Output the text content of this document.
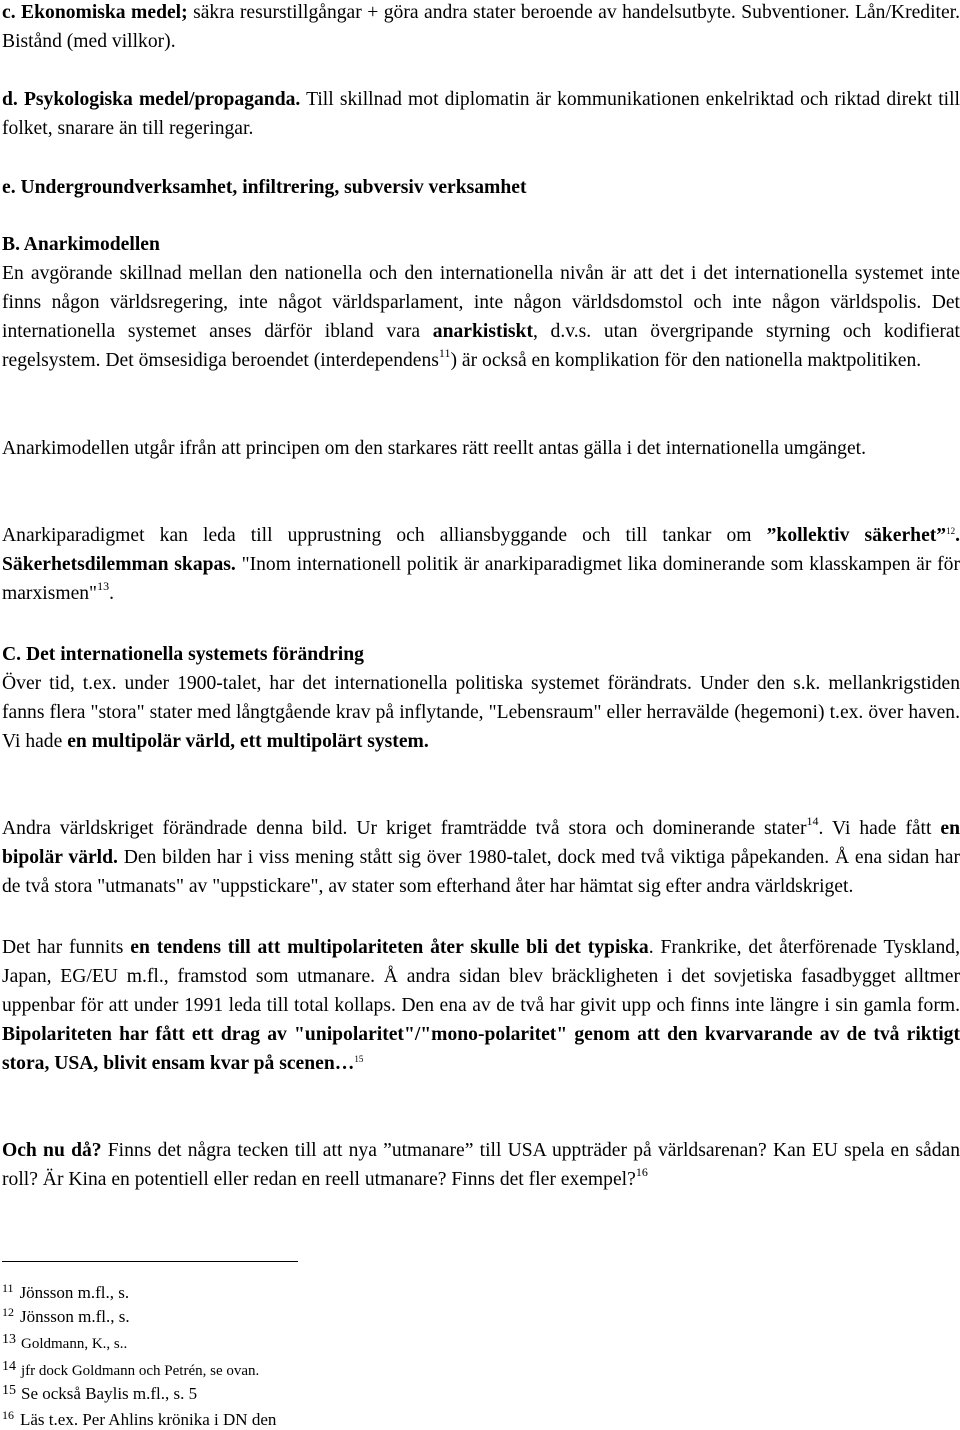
c. Ekonomiska medel; säkra resurstillgångar + göra andra stater beroende av handelsutbyte. Subventioner. Lån/Krediter. Bistånd (med villkor).

d. Psykologiska medel/propaganda. Till skillnad mot diplomatin är kommunikationen enkelriktad och riktad direkt till folket, snarare än till regeringar.

e. Undergroundverksamhet, infiltrering, subversiv verksamhet

B. Anarkimodellen

En avgörande skillnad mellan den nationella och den internationella nivån är att det i det internationella systemet inte finns någon världsregering, inte något världsparlament, inte någon världsdomstol och inte någon världspolis. Det internationella systemet anses därför ibland vara anarkistiskt, d.v.s. utan övergripande styrning och kodifierat regelsystem. Det ömsesidiga beroendet (interdependens$^{11}$) är också en komplikation för den nationella maktpolitiken.

Anarkimodellen utgår ifrån att principen om den starkares rätt reellt antas gälla i det internationella umgänget.

Anarkiparadigmet kan leda till upprustning och alliansbyggande och till tankar om ”kollektiv säkerhet”$^{12}$. Säkerhetsdilemman skapas. "Inom internationell politik är anarkiparadigmet lika dominerande som klasskampen är för marxismen"$^{13}$.

C. Det internationella systemets förändring

Över tid, t.ex. under 1900-talet, har det internationella politiska systemet förändrats. Under den s.k. mellankrigstiden fanns flera "stora" stater med långtgående krav på inflytande, "Lebensraum" eller herravälde (hegemoni) t.ex. över haven. Vi hade en multipolär värld, ett multipolärt system.

Andra världskriget förändrade denna bild. Ur kriget framträdde två stora och dominerande stater$^{14}$. Vi hade fått en bipolär värld. Den bilden har i viss mening stått sig över 1980-talet, dock med två viktiga påpekanden. Å ena sidan har de två stora "utmanats" av "uppstickare", av stater som efterhand åter har hämtat sig efter andra världskriget.

Det har funnits en tendens till att multipolariteten åter skulle bli det typiska. Frankrike, det återförenade Tyskland, Japan, EG/EU m.fl., framstod som utmanare. Å andra sidan blev bräckligheten i det sovjetiska fasadbygget alltmer uppenbar för att under 1991 leda till total kollaps. Den ena av de två har givit upp och finns inte längre i sin gamla form. Bipolariteten har fått ett drag av "unipolaritet"/"mono-polaritet" genom att den kvarvarande av de två riktigt stora, USA, blivit ensam kvar på scenen…$^{15}$

Och nu då? Finns det några tecken till att nya ”utmanare” till USA uppträder på världsarenan? Kan EU spela en sådan roll? Är Kina en potentiell eller redan en reell utmanare? Finns det fler exempel?$^{16}$

$^{11}$ Jönsson m.fl., s.
$^{12}$ Jönsson m.fl., s.
$^{13}$ Goldmann, K., s..
$^{14}$ jfr dock Goldmann och Petrén, se ovan.
$^{15}$ Se också Baylis m.fl., s. 5
$^{16}$ Läs t.ex. Per Ahlins krönika i DN den
